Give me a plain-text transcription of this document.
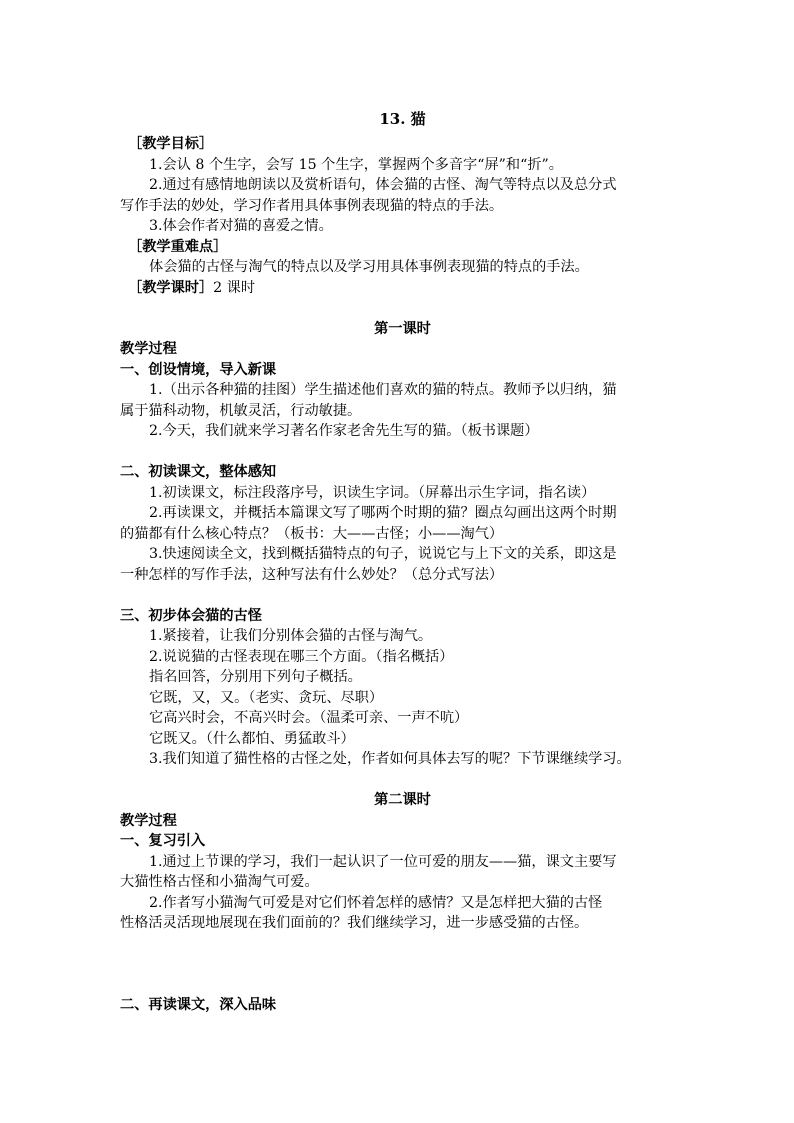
13. 猫
［教学目标］
1.会认 8 个生字，会写 15 个生字，掌握两个多音字“屏”和“折”。
2.通过有感情地朗读以及赏析语句，体会猫的古怪、淘气等特点以及总分式
写作手法的妙处，学习作者用具体事例表现猫的特点的手法。
3.体会作者对猫的喜爱之情。
［教学重难点］
体会猫的古怪与淘气的特点以及学习用具体事例表现猫的特点的手法。
［教学课时］2 课时
第一课时
教学过程
一、创设情境，导入新课
1.（出示各种猫的挂图）学生描述他们喜欢的猫的特点。教师予以归纳，猫
属于猫科动物，机敏灵活，行动敏捷。
2.今天，我们就来学习著名作家老舍先生写的猫。（板书课题）
二、初读课文，整体感知
1.初读课文，标注段落序号，识读生字词。（屏幕出示生字词，指名读）
2.再读课文，并概括本篇课文写了哪两个时期的猫？圈点勾画出这两个时期
的猫都有什么核心特点？（板书：大——古怪；小——淘气）
3.快速阅读全文，找到概括猫特点的句子，说说它与上下文的关系，即这是
一种怎样的写作手法，这种写法有什么妙处？（总分式写法）
三、初步体会猫的古怪
1.紧接着，让我们分别体会猫的古怪与淘气。
2.说说猫的古怪表现在哪三个方面。（指名概括）
指名回答，分别用下列句子概括。
它既，又，又。（老实、贪玩、尽职）
它高兴时会，不高兴时会。（温柔可亲、一声不吭）
它既又。（什么都怕、勇猛敢斗）
3.我们知道了猫性格的古怪之处，作者如何具体去写的呢？下节课继续学习。
第二课时
教学过程
一、复习引入
1.通过上节课的学习，我们一起认识了一位可爱的朋友——猫，课文主要写
大猫性格古怪和小猫淘气可爱。
2.作者写小猫淘气可爱是对它们怀着怎样的感情？又是怎样把大猫的古怪
性格活灵活现地展现在我们面前的？我们继续学习，进一步感受猫的古怪。
二、再读课文，深入品味
